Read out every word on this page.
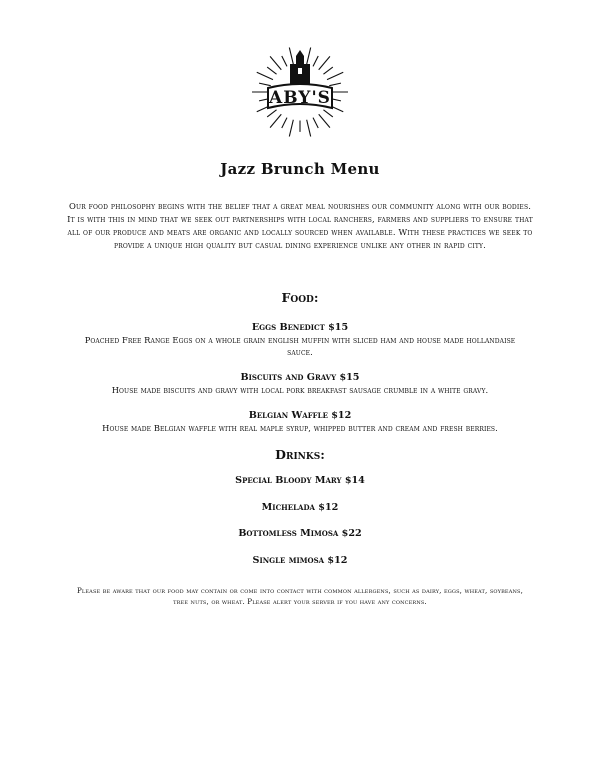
ABY'S
Jazz Brunch Menu
Our food philosophy begins with the belief that a great meal nourishes our community along with our bodies. It is with this in mind that we seek out partnerships with local ranchers, farmers and suppliers to ensure that all of our produce and meats are organic and locally sourced when available. With these practices we seek to provide a unique high quality but casual dining experience unlike any other in rapid city.
Food:
Eggs Benedict $15
Poached Free Range Eggs on a whole grain english muffin with sliced ham and house made hollandaise sauce.
Biscuits and Gravy $15
House made biscuits and gravy with local pork breakfast sausage crumble in a white gravy.
Belgian Waffle $12
House made Belgian waffle with real maple syrup, whipped butter and cream and fresh berries.
Drinks:
Special Bloody Mary $14
Michelada $12
Bottomless Mimosa $22
Single mimosa $12
Please be aware that our food may contain or come into contact with common allergens, such as dairy, eggs, wheat, soybeans, tree nuts, or wheat. Please alert your server if you have any concerns.
